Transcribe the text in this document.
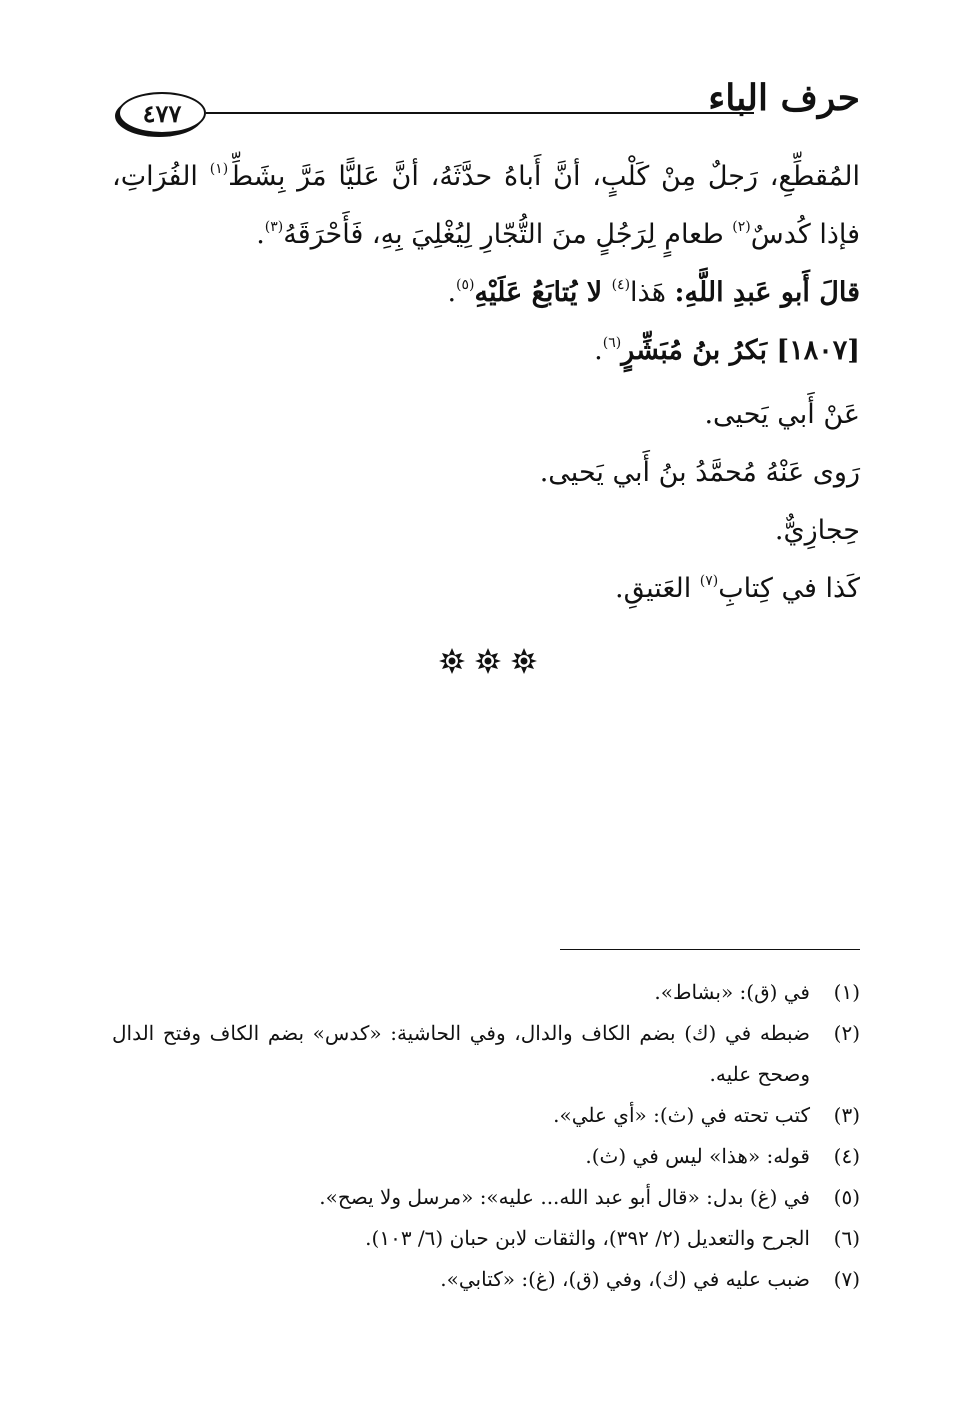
حرف الباء
٤٧٧

المُقطِّعِ، رَجلٌ مِنْ كَلْبٍ، أنَّ أَباهُ حدَّثَهُ، أنَّ عَليًّا مَرَّ بِشَطِّ$^{(١)}$ الفُرَاتِ، فإذا كُدسٌ$^{(٢)}$ طعامٍ لِرَجُلٍ منَ التُّجّارِ لِيُغْلِيَ بِهِ، فَأَحْرَقَهُ$^{(٣)}$.

قالَ أَبو عَبدِ اللَّهِ: هَذا$^{(٤)}$ لا يُتابَعُ عَلَيْهِ$^{(٥)}$.

[١٨٠٧] بَكرُ بنُ مُبَشِّرٍ$^{(٦)}$.

عَنْ أَبي يَحيى.

رَوى عَنْهُ مُحمَّدُ بنُ أَبي يَحيى.

حِجازِيٌّ.

كَذا في كِتابِ$^{(٧)}$ العَتيقِ.

(١)
في (ق): «بشاط».
(٢)
ضبطه في (ك) بضم الكاف والدال، وفي الحاشية: «كدس» بضم الكاف وفتح الدال وصحح عليه.
(٣)
كتب تحته في (ث): «أي علي».
(٤)
قوله: «هذا» ليس في (ث).
(٥)
في (غ) بدل: «قال أبو عبد الله... عليه»: «مرسل ولا يصح».
(٦)
الجرح والتعديل (٢/ ٣٩٢)، والثقات لابن حبان (٦/ ١٠٣).
(٧)
ضبب عليه في (ك)، وفي (ق)، (غ): «كتابي».
